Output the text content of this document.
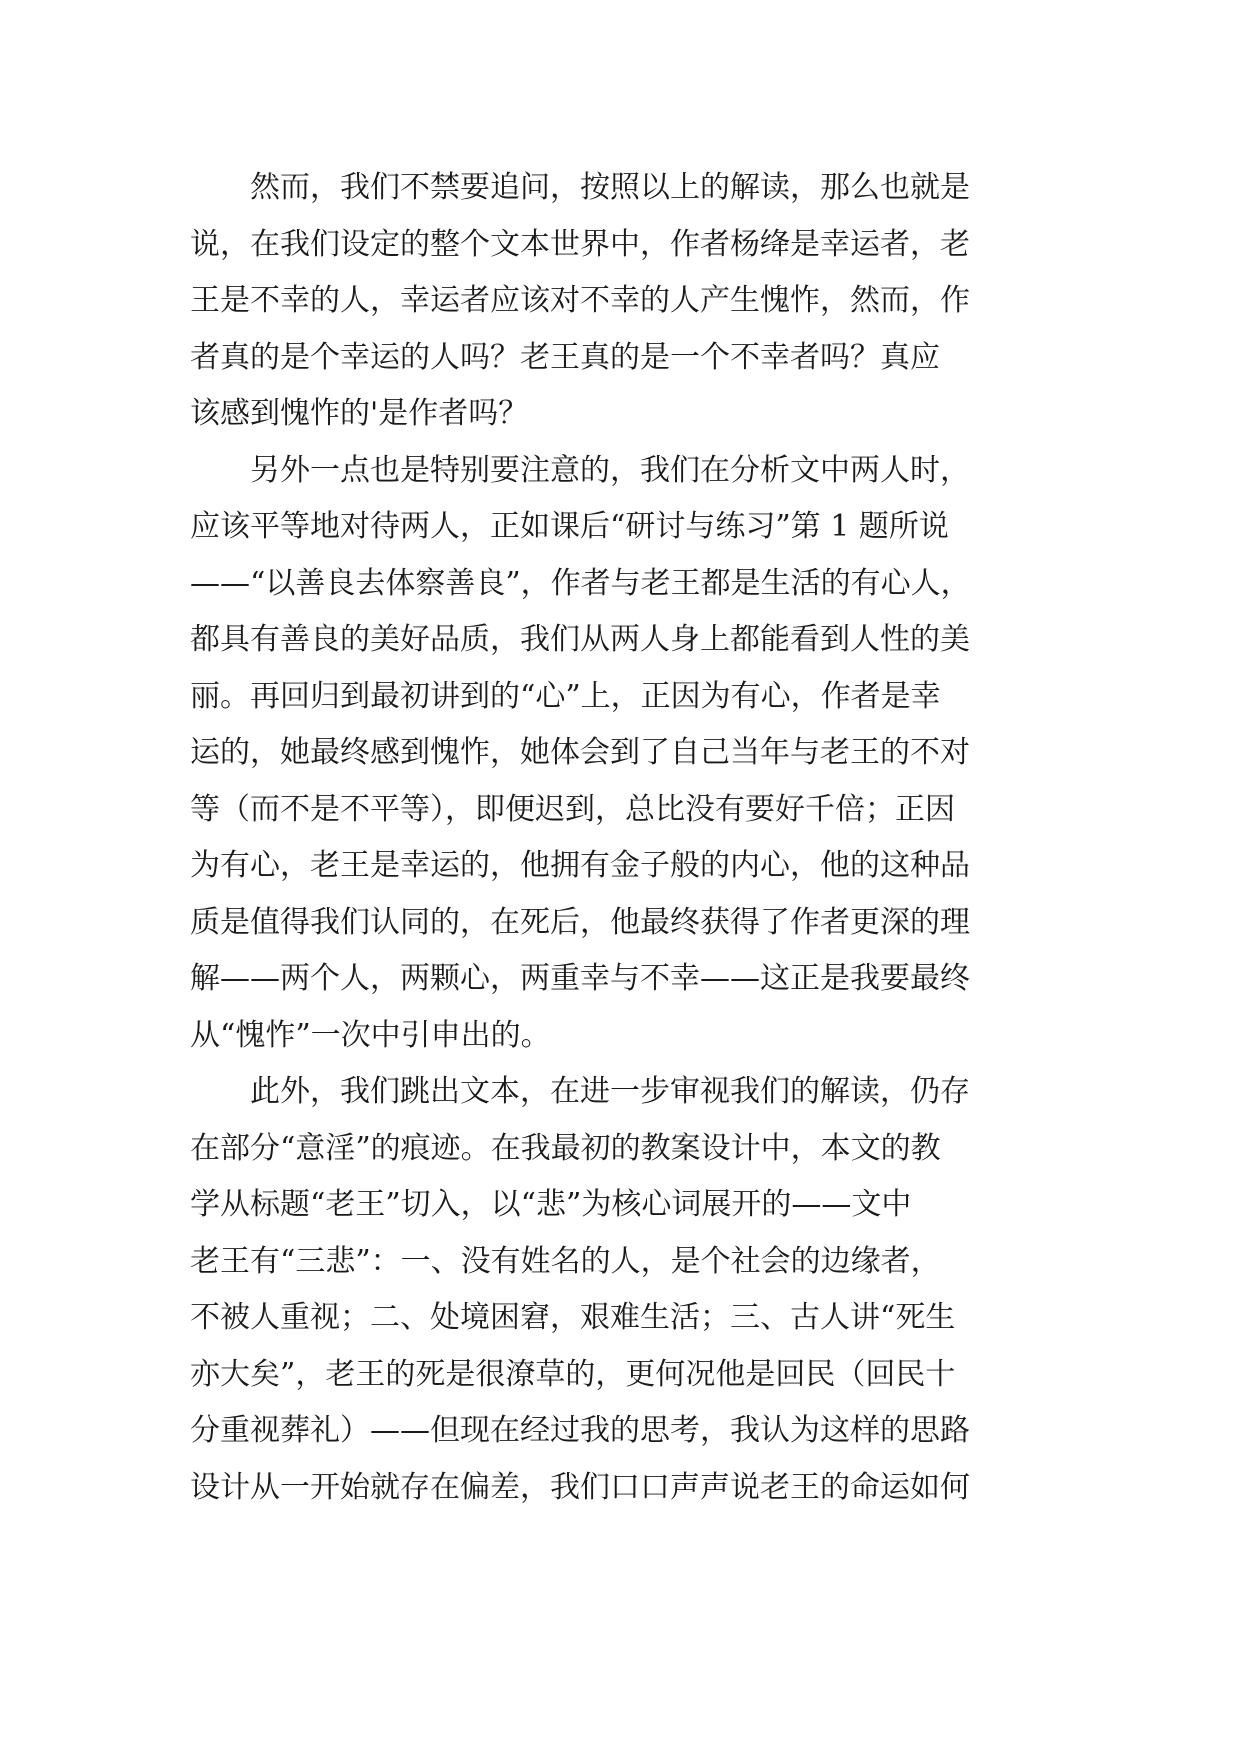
　　然而，我们不禁要追问，按照以上的解读，那么也就是

说，在我们设定的整个文本世界中，作者杨绛是幸运者，老

王是不幸的人，幸运者应该对不幸的人产生愧怍，然而，作

者真的是个幸运的人吗？老王真的是一个不幸者吗？真应

该感到愧怍的'是作者吗？

　　另外一点也是特别要注意的，我们在分析文中两人时，

应该平等地对待两人，正如课后“研讨与练习”第 1 题所说

——“以善良去体察善良”，作者与老王都是生活的有心人，

都具有善良的美好品质，我们从两人身上都能看到人性的美

丽。再回归到最初讲到的“心”上，正因为有心，作者是幸

运的，她最终感到愧怍，她体会到了自己当年与老王的不对

等（而不是不平等），即便迟到，总比没有要好千倍；正因

为有心，老王是幸运的，他拥有金子般的内心，他的这种品

质是值得我们认同的，在死后，他最终获得了作者更深的理

解——两个人，两颗心，两重幸与不幸——这正是我要最终

从“愧怍”一次中引申出的。

　　此外，我们跳出文本，在进一步审视我们的解读，仍存

在部分“意淫”的痕迹。在我最初的教案设计中，本文的教

学从标题“老王”切入，以“悲”为核心词展开的——文中

老王有“三悲”：一、没有姓名的人，是个社会的边缘者，

不被人重视；二、处境困窘，艰难生活；三、古人讲“死生

亦大矣”，老王的死是很潦草的，更何况他是回民（回民十

分重视葬礼）——但现在经过我的思考，我认为这样的思路

设计从一开始就存在偏差，我们口口声声说老王的命运如何
